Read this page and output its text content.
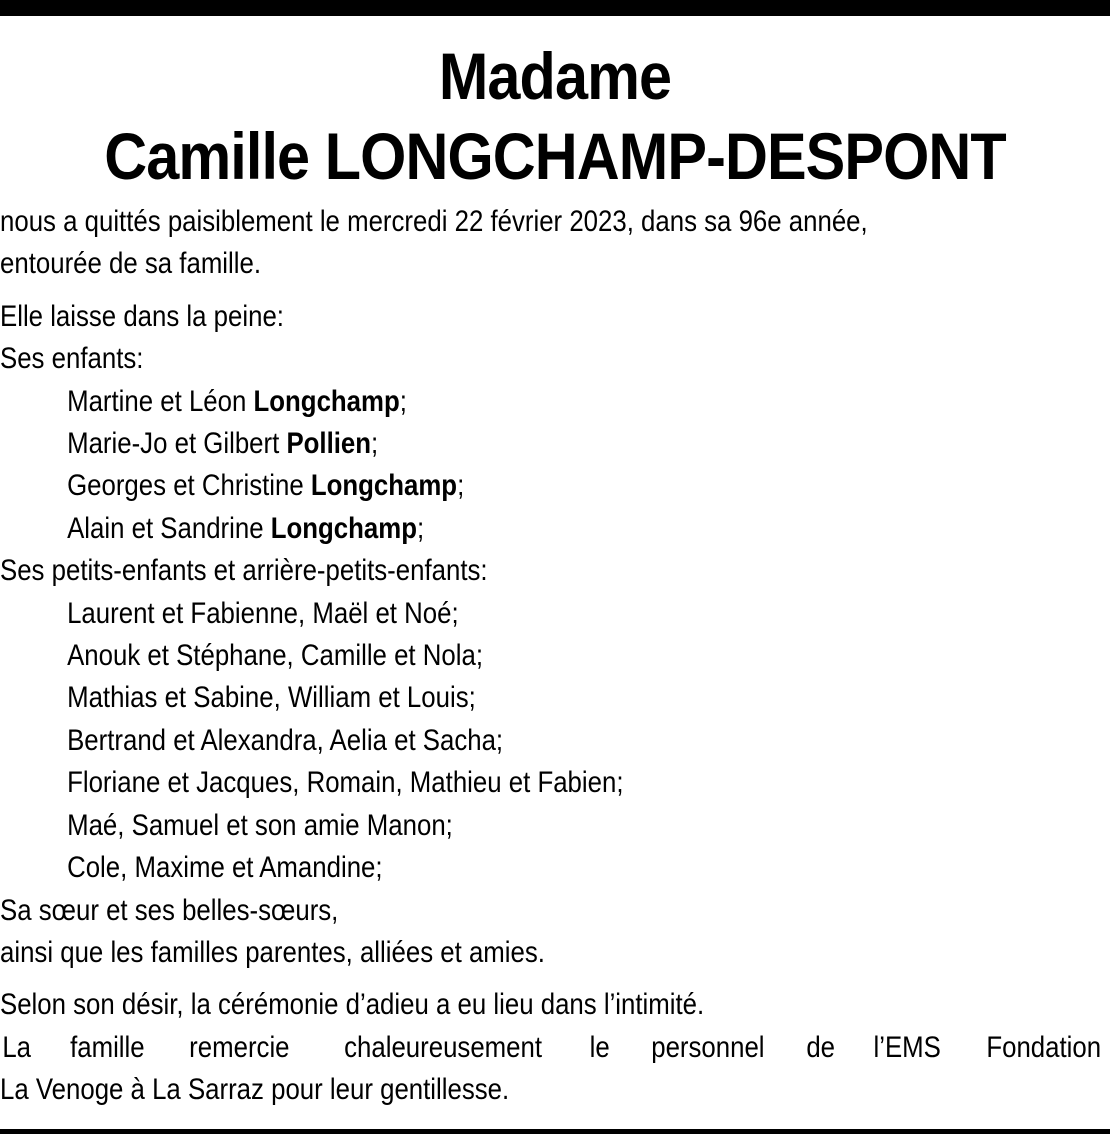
Madame
Camille LONGCHAMP-DESPONT
nous a quittés paisiblement le mercredi 22 février 2023, dans sa 96e année,
entourée de sa famille.
Elle laisse dans la peine:
Ses enfants:
Martine et Léon Longchamp;
Marie-Jo et Gilbert Pollien;
Georges et Christine Longchamp;
Alain et Sandrine Longchamp;
Ses petits-enfants et arrière-petits-enfants:
Laurent et Fabienne, Maël et Noé;
Anouk et Stéphane, Camille et Nola;
Mathias et Sabine, William et Louis;
Bertrand et Alexandra, Aelia et Sacha;
Floriane et Jacques, Romain, Mathieu et Fabien;
Maé, Samuel et son amie Manon;
Cole, Maxime et Amandine;
Sa sœur et ses belles-sœurs,
ainsi que les familles parentes, alliées et amies.
Selon son désir, la cérémonie d’adieu a eu lieu dans l’intimité.
La famille remercie chaleureusement le personnel de l’EMS Fondation
La Venoge à La Sarraz pour leur gentillesse.
